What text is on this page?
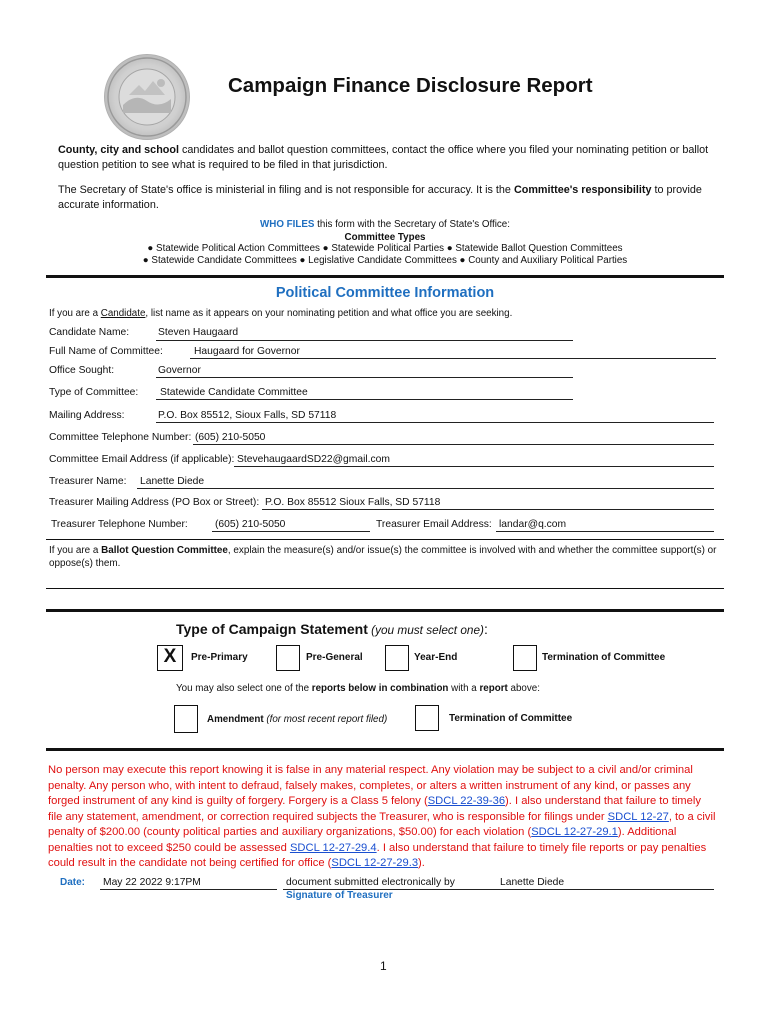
Campaign Finance Disclosure Report
County, city and school candidates and ballot question committees, contact the office where you filed your nominating petition or ballot question petition to see what is required to be filed in that jurisdiction.
The Secretary of State's office is ministerial in filing and is not responsible for accuracy. It is the Committee's responsibility to provide accurate information.
WHO FILES this form with the Secretary of State's Office:
Committee Types
● Statewide Political Action Committees ● Statewide Political Parties ● Statewide Ballot Question Committees
● Statewide Candidate Committees ● Legislative Candidate Committees ● County and Auxiliary Political Parties
Political Committee Information
If you are a Candidate, list name as it appears on your nominating petition and what office you are seeking.
Candidate Name:	Steven Haugaard
Full Name of Committee:	Haugaard for Governor
Office Sought:	Governor
Type of Committee: Statewide Candidate Committee
Mailing Address:	P.O. Box 85512, Sioux Falls, SD 57118
Committee Telephone Number: (605) 210-5050
Committee Email Address (if applicable): StevehaugaardSD22@gmail.com
Treasurer Name: Lanette Diede
Treasurer Mailing Address (PO Box or Street): P.O. Box 85512 Sioux Falls, SD 57118
Treasurer Telephone Number:	(605) 210-5050	Treasurer Email Address: landar@q.com
If you are a Ballot Question Committee, explain the measure(s) and/or issue(s) the committee is involved with and whether the committee support(s) or oppose(s) them.
Type of Campaign Statement (you must select one):
X	Pre-Primary	Pre-General	Year-End	Termination of Committee
You may also select one of the reports below in combination with a report above:
Amendment (for most recent report filed)	Termination of Committee
No person may execute this report knowing it is false in any material respect. Any violation may be subject to a civil and/or criminal penalty. Any person who, with intent to defraud, falsely makes, completes, or alters a written instrument of any kind, or passes any forged instrument of any kind is guilty of forgery. Forgery is a Class 5 felony (SDCL 22-39-36). I also understand that failure to timely file any statement, amendment, or correction required subjects the Treasurer, who is responsible for filings under SDCL 12-27, to a civil penalty of $200.00 (county political parties and auxiliary organizations, $50.00) for each violation (SDCL 12-27-29.1). Additional penalties not to exceed $250 could be assessed SDCL 12-27-29.4. I also understand that failure to timely file reports or pay penalties could result in the candidate not being certified for office (SDCL 12-27-29.3).
Date: May 22 2022 9:17PM	document submitted electronically by	Lanette Diede
Signature of Treasurer
1
